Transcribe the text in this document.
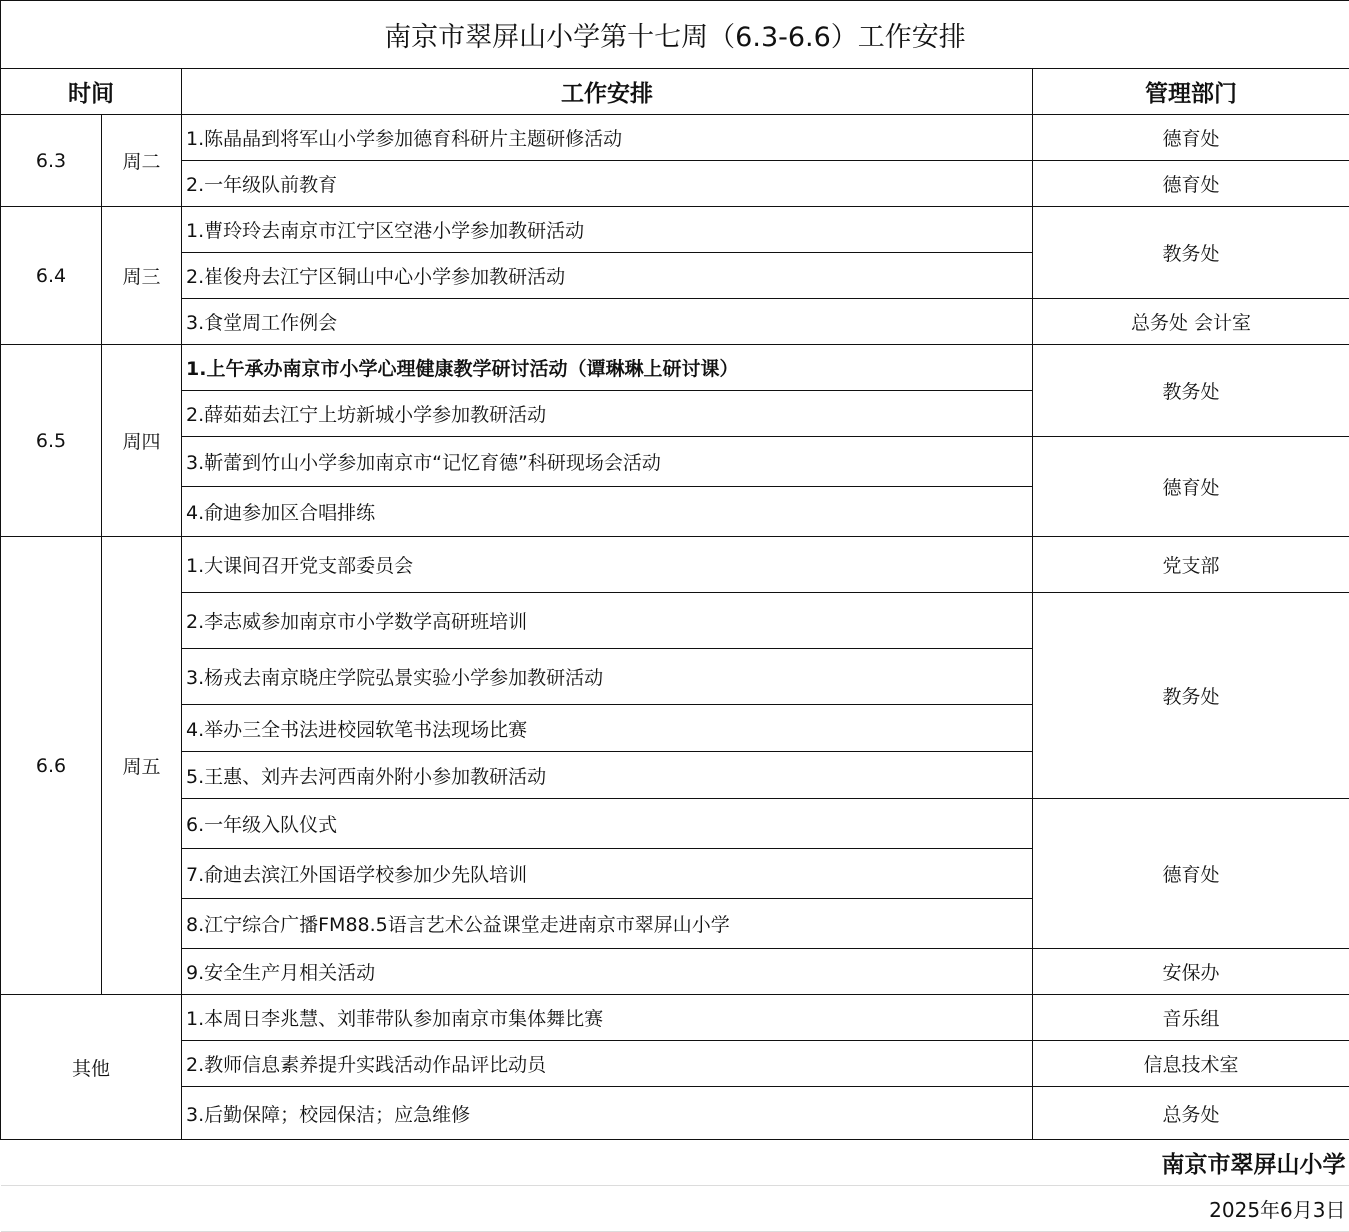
南京市翠屏山小学第十七周（6.3-6.6）工作安排			
时间		工作安排	管理部门
6.3	周二	1.陈晶晶到将军山小学参加德育科研片主题研修活动	德育处
		2.一年级队前教育	德育处
6.4	周三	1.曹玲玲去南京市江宁区空港小学参加教研活动	教务处
		2.崔俊舟去江宁区铜山中心小学参加教研活动	
		3.食堂周工作例会	总务处 会计室
6.5	周四	1.上午承办南京市小学心理健康教学研讨活动（谭琳琳上研讨课）	教务处
		2.薛茹茹去江宁上坊新城小学参加教研活动	
		3.靳蕾到竹山小学参加南京市“记忆育德”科研现场会活动	德育处
		4.俞迪参加区合唱排练	
6.6	周五	1.大课间召开党支部委员会	党支部
		2.李志威参加南京市小学数学高研班培训	教务处
		3.杨戎去南京晓庄学院弘景实验小学参加教研活动	
		4.举办三全书法进校园软笔书法现场比赛	
		5.王惠、刘卉去河西南外附小参加教研活动	
		6.一年级入队仪式	德育处
		7.俞迪去滨江外国语学校参加少先队培训	
		8.江宁综合广播FM88.5语言艺术公益课堂走进南京市翠屏山小学	
		9.安全生产月相关活动	安保办
其他		1.本周日李兆慧、刘菲带队参加南京市集体舞比赛	音乐组
		2.教师信息素养提升实践活动作品评比动员	信息技术室
		3.后勤保障；校园保洁；应急维修	总务处
南京市翠屏山小学			
2025年6月3日			
